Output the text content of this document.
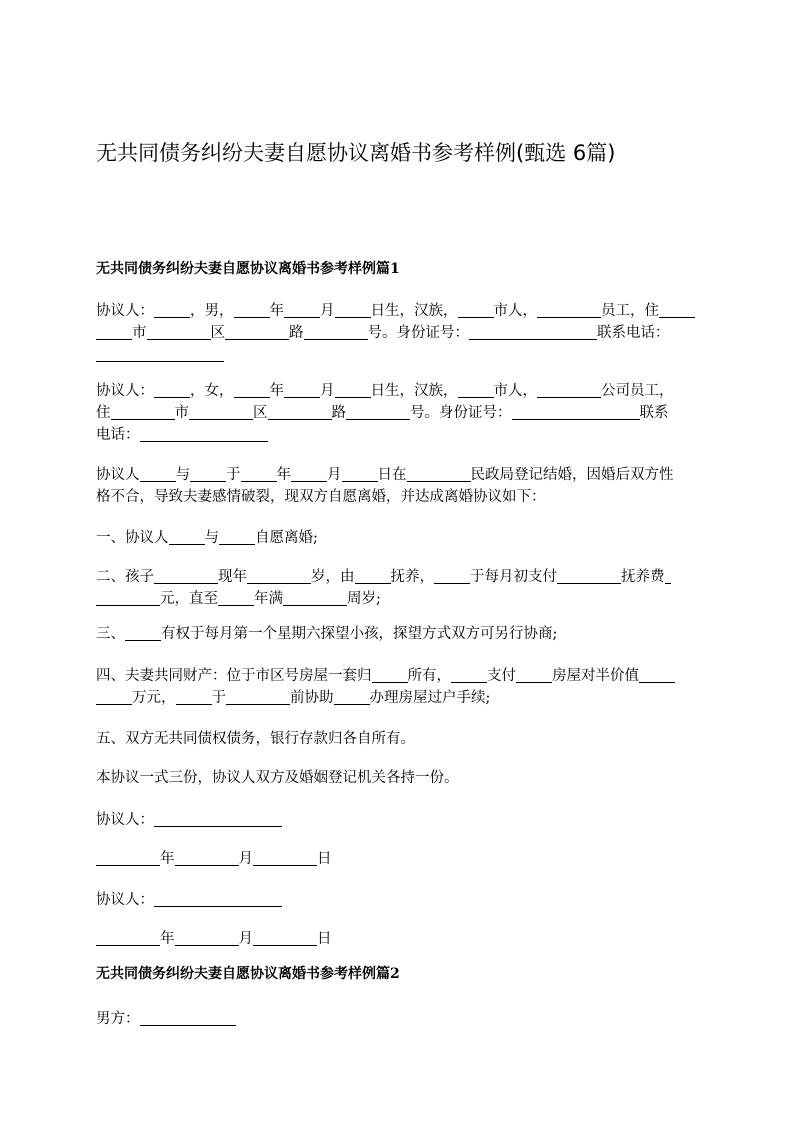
无共同债务纠纷夫妻自愿协议离婚书参考样例(甄选 6篇)
无共同债务纠纷夫妻自愿协议离婚书参考样例篇1
协议人： ，男， 年 月 日生，汉族， 市人，	员工，住
市	区	路	号。身份证号：	联系电话：

协议人： ，女， 年 月 日生，汉族， 市人，	公司员工，
住	市	区	路	号。身份证号：	联系
电话：
协议人 与 于 年 月 日在	民政局登记结婚，因婚后双方性
格不合，导致夫妻感情破裂，现双方自愿离婚，并达成离婚协议如下：
一、协议人 与 自愿离婚;
二、孩子	现年	岁，由 抚养， 于每月初支付	抚养费
元，直至 年满	周岁;
三、 有权于每月第一个星期六探望小孩，探望方式双方可另行协商;
四、夫妻共同财产：位于市区号房屋一套归 所有， 支付 房屋对半价值
万元， 于	前协助 办理房屋过户手续;
五、双方无共同债权债务，银行存款归各自所有。
本协议一式三份，协议人双方及婚姻登记机关各持一份。
协议人：
年	月	日
协议人：
年	月	日
无共同债务纠纷夫妻自愿协议离婚书参考样例篇2
男方：
